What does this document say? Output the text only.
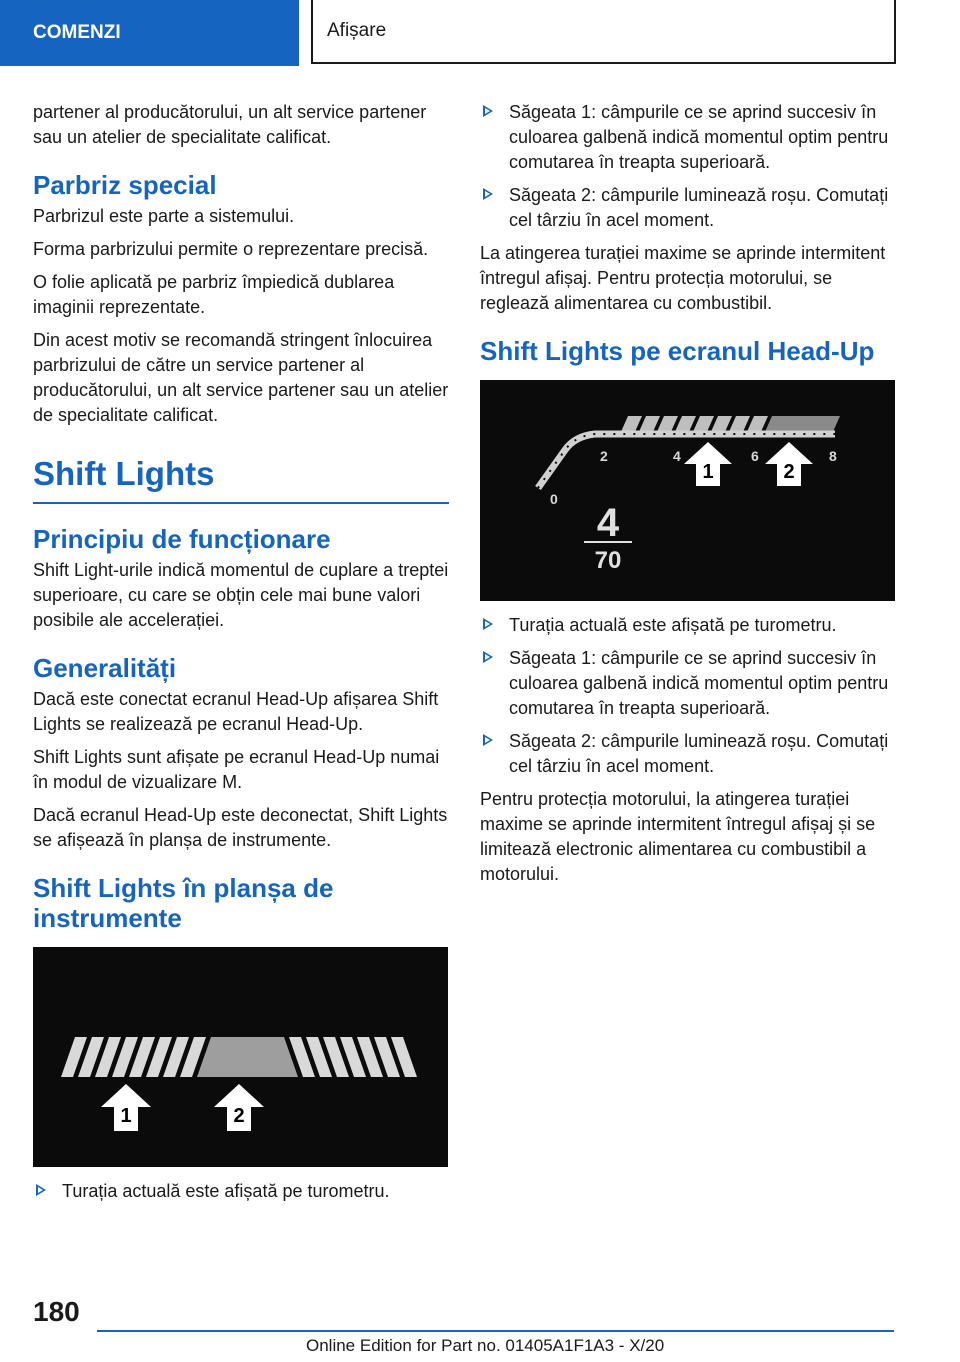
COMENZI	Afișare

partener al producătorului, un alt service partener sau un atelier de specialitate calificat.

Parbriz special

Parbrizul este parte a sistemului.

Forma parbrizului permite o reprezentare precisă.

O folie aplicată pe parbriz împiedică dublarea imaginii reprezentate.

Din acest motiv se recomandă stringent înlocuirea parbrizului de către un service partener al producătorului, un alt service partener sau un atelier de specialitate calificat.

Shift Lights
Principiu de funcționare

Shift Light-urile indică momentul de cuplare a treptei superioare, cu care se obțin cele mai bune valori posibile ale accelerației.

Generalități

Dacă este conectat ecranul Head-Up afișarea Shift Lights se realizează pe ecranul Head-Up.

Shift Lights sunt afișate pe ecranul Head-Up numai în modul de vizualizare M.

Dacă ecranul Head-Up este deconectat, Shift Lights se afișează în planșa de instrumente.

Shift Lights în planșa de instrumente
1	2
Turația actuală este afișată pe turometru.
Săgeata 1: câmpurile ce se aprind succesiv în culoarea galbenă indică momentul optim pentru comutarea în treapta superioară.
Săgeata 2: câmpurile luminează roșu. Comutați cel târziu în acel moment.

La atingerea turației maxime se aprinde intermitent întregul afișaj. Pentru protecția motorului, se reglează alimentarea cu combustibil.

Shift Lights pe ecranul Head-Up
0
2	4	6	8
1	2
4
70
Turația actuală este afișată pe turometru.
Săgeata 1: câmpurile ce se aprind succesiv în culoarea galbenă indică momentul optim pentru comutarea în treapta superioară.
Săgeata 2: câmpurile luminează roșu. Comutați cel târziu în acel moment.

Pentru protecția motorului, la atingerea turației maxime se aprinde intermitent întregul afișaj și se limitează electronic alimentarea cu combustibil a motorului.

180
Online Edition for Part no. 01405A1F1A3 - X/20
